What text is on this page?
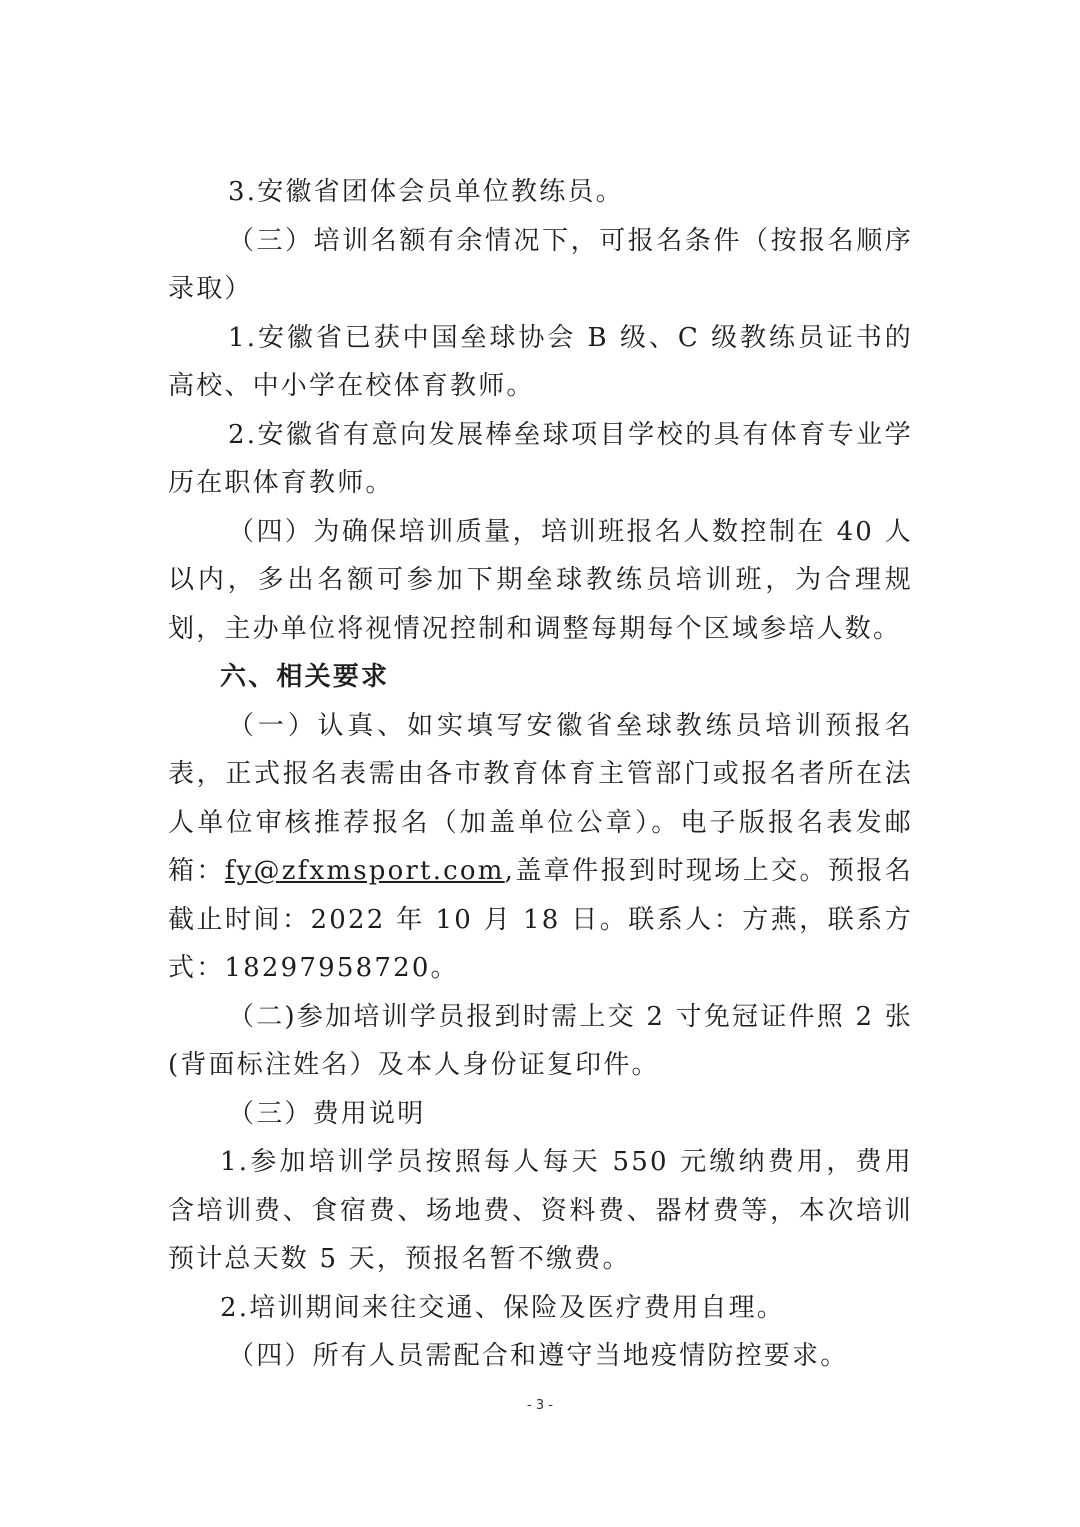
3.安徽省团体会员单位教练员。

（三）培训名额有余情况下，可报名条件（按报名顺序录取）

1.安徽省已获中国垒球协会 B 级、C 级教练员证书的高校、中小学在校体育教师。

2.安徽省有意向发展棒垒球项目学校的具有体育专业学历在职体育教师。

（四）为确保培训质量，培训班报名人数控制在 40 人以内，多出名额可参加下期垒球教练员培训班，为合理规划，主办单位将视情况控制和调整每期每个区域参培人数。

六、相关要求

（一）认真、如实填写安徽省垒球教练员培训预报名表，正式报名表需由各市教育体育主管部门或报名者所在法人单位审核推荐报名（加盖单位公章）。电子版报名表发邮箱：fy@zfxmsport.com,盖章件报到时现场上交。预报名截止时间：2022 年 10 月 18 日。联系人：方燕，联系方式：18297958720。

（二)参加培训学员报到时需上交 2 寸免冠证件照 2 张(背面标注姓名）及本人身份证复印件。

（三）费用说明

1.参加培训学员按照每人每天 550 元缴纳费用，费用含培训费、食宿费、场地费、资料费、器材费等，本次培训预计总天数 5 天，预报名暂不缴费。

2.培训期间来往交通、保险及医疗费用自理。

（四）所有人员需配合和遵守当地疫情防控要求。

- 3 -
